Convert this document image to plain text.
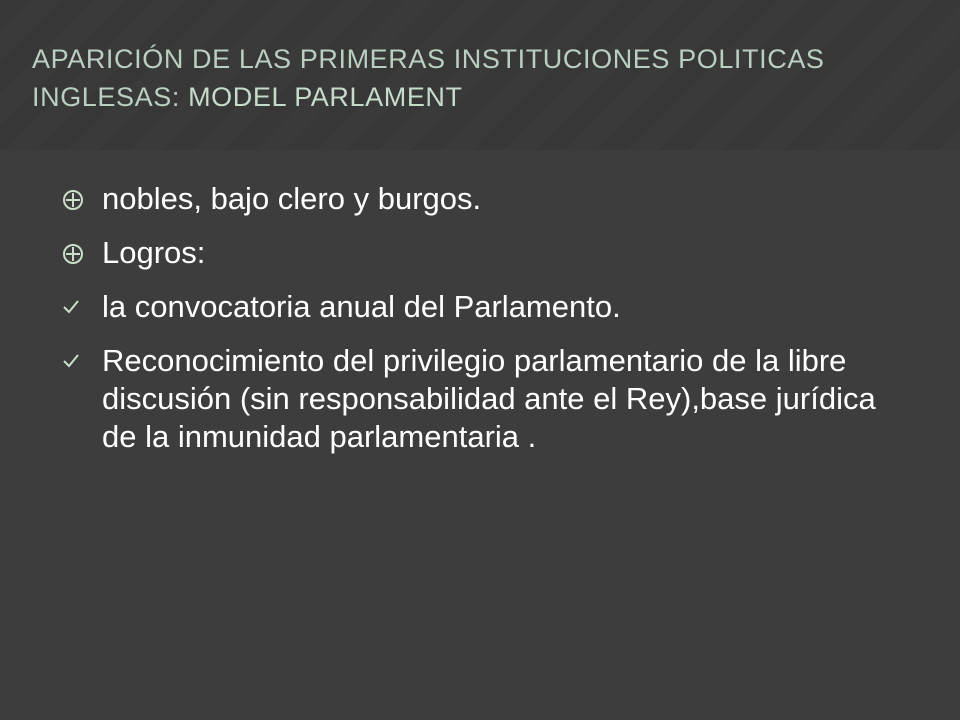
APARICIÓN DE LAS PRIMERAS INSTITUCIONES POLITICAS INGLESAS: MODEL PARLAMENT
nobles, bajo clero y burgos.
Logros:
la convocatoria anual del Parlamento.
Reconocimiento del privilegio parlamentario de la libre discusión (sin responsabilidad ante el Rey),base jurídica de la inmunidad parlamentaria .
